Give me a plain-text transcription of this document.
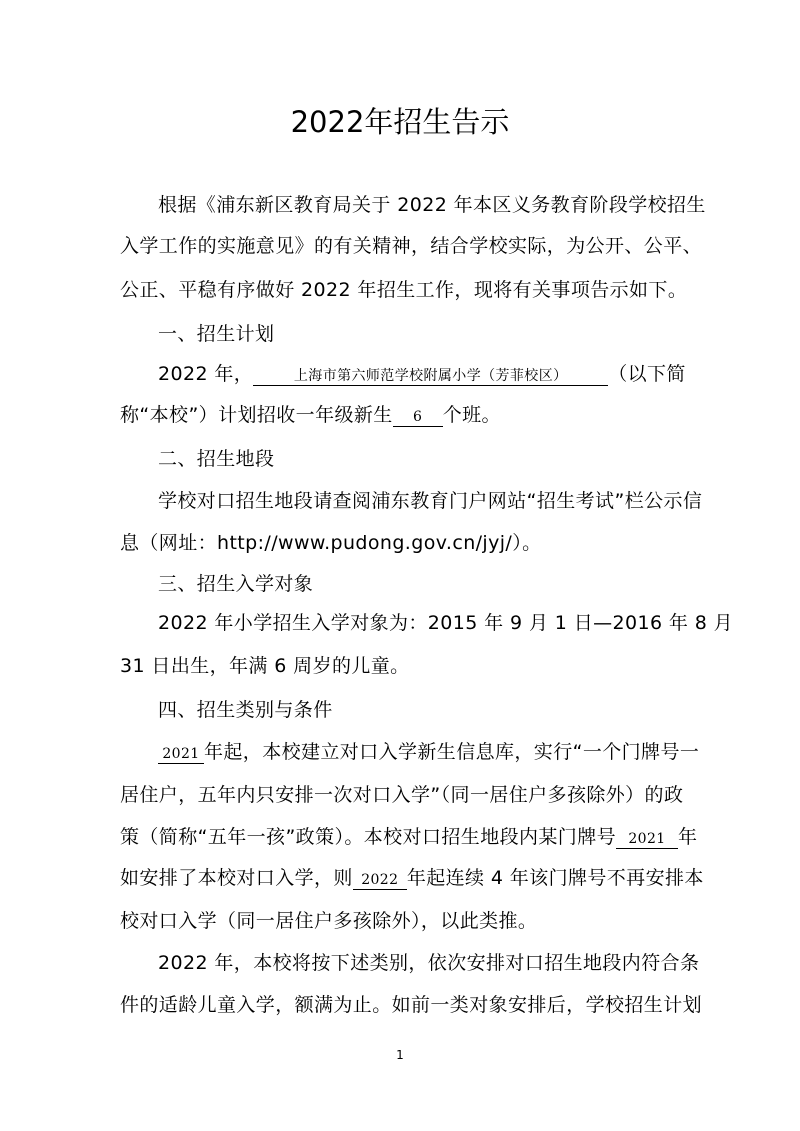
2022年招生告示
根据《浦东新区教育局关于 2022 年本区义务教育阶段学校招生
入学工作的实施意见》的有关精神，结合学校实际，为公开、公平、
公正、平稳有序做好 2022 年招生工作，现将有关事项告示如下。
一、招生计划
2022 年，	上海市第六师范学校附属小学（芳菲校区） （以下简
称“本校”）计划招收一年级新生 6 个班。
二、招生地段
学校对口招生地段请查阅浦东教育门户网站“招生考试”栏公示信
息（网址：http://www.pudong.gov.cn/jyj/）。
三、招生入学对象
2022 年小学招生入学对象为：2015 年 9 月 1 日—2016 年 8 月
31 日出生，年满 6 周岁的儿童。
四、招生类别与条件
2021 年起，本校建立对口入学新生信息库，实行“一个门牌号一
居住户，五年内只安排一次对口入学”（同一居住户多孩除外）的政
策（简称“五年一孩”政策）。本校对口招生地段内某门牌号 2021 年
如安排了本校对口入学，则 2022 年起连续 4 年该门牌号不再安排本
校对口入学（同一居住户多孩除外），以此类推。
2022 年，本校将按下述类别，依次安排对口招生地段内符合条
件的适龄儿童入学，额满为止。如前一类对象安排后，学校招生计划
1
